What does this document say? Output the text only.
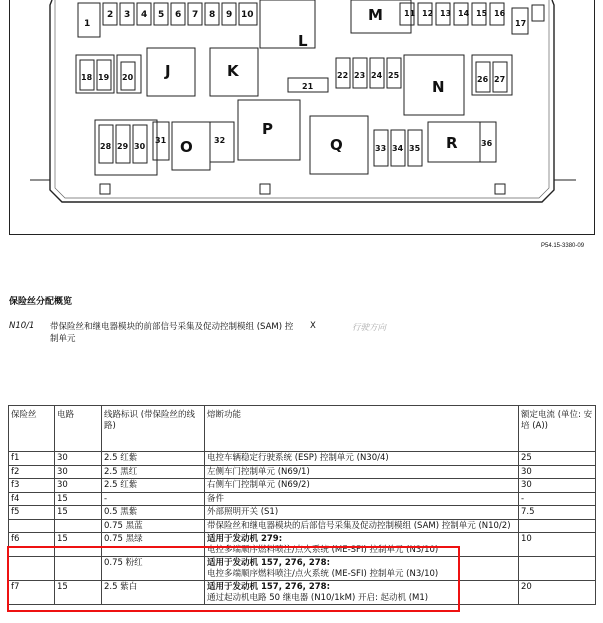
1
2 3 4 5 6 7 8 9 10	M	11 12 13 14 15 16
17
L
18 19 20 J	K
21
22 23 24 25
N	26 27
28 29 30
31 O	32
P
Q	33 34 35 R	36
P54.15-3380-09
保险丝分配概览
N10/1 带保险丝和继电器模块的前部信号采集及促动控制模组 (SAM) 控制单元
X	行驶方向
保险丝	电路	线路标识 (带保险丝的线路)	熔断功能	额定电流 (单位: 安培 (A))
f1	30	2.5 红紫	电控车辆稳定行驶系统 (ESP) 控制单元 (N30/4)	25
f2	30	2.5 黑红	左侧车门控制单元 (N69/1)	30
f3	30	2.5 红紫	右侧车门控制单元 (N69/2)	30
f4	15	-	备件	-
f5	15	0.5 黑紫	外部照明开关 (S1)	7.5
		0.75 黑蓝	带保险丝和继电器模块的后部信号采集及促动控制模组 (SAM) 控制单元 (N10/2)	
f6	15	0.75 黑绿	适用于发动机 279:
电控多端顺序燃料喷注/点火系统 (ME-SFI) 控制单元 (N3/10)	10
		0.75 粉红	适用于发动机 157, 276, 278:
电控多端顺序燃料喷注/点火系统 (ME-SFI) 控制单元 (N3/10)	
f7	15	2.5 紫白	适用于发动机 157, 276, 278:
通过起动机电路 50 继电器 (N10/1kM) 开启: 起动机 (M1)	20
